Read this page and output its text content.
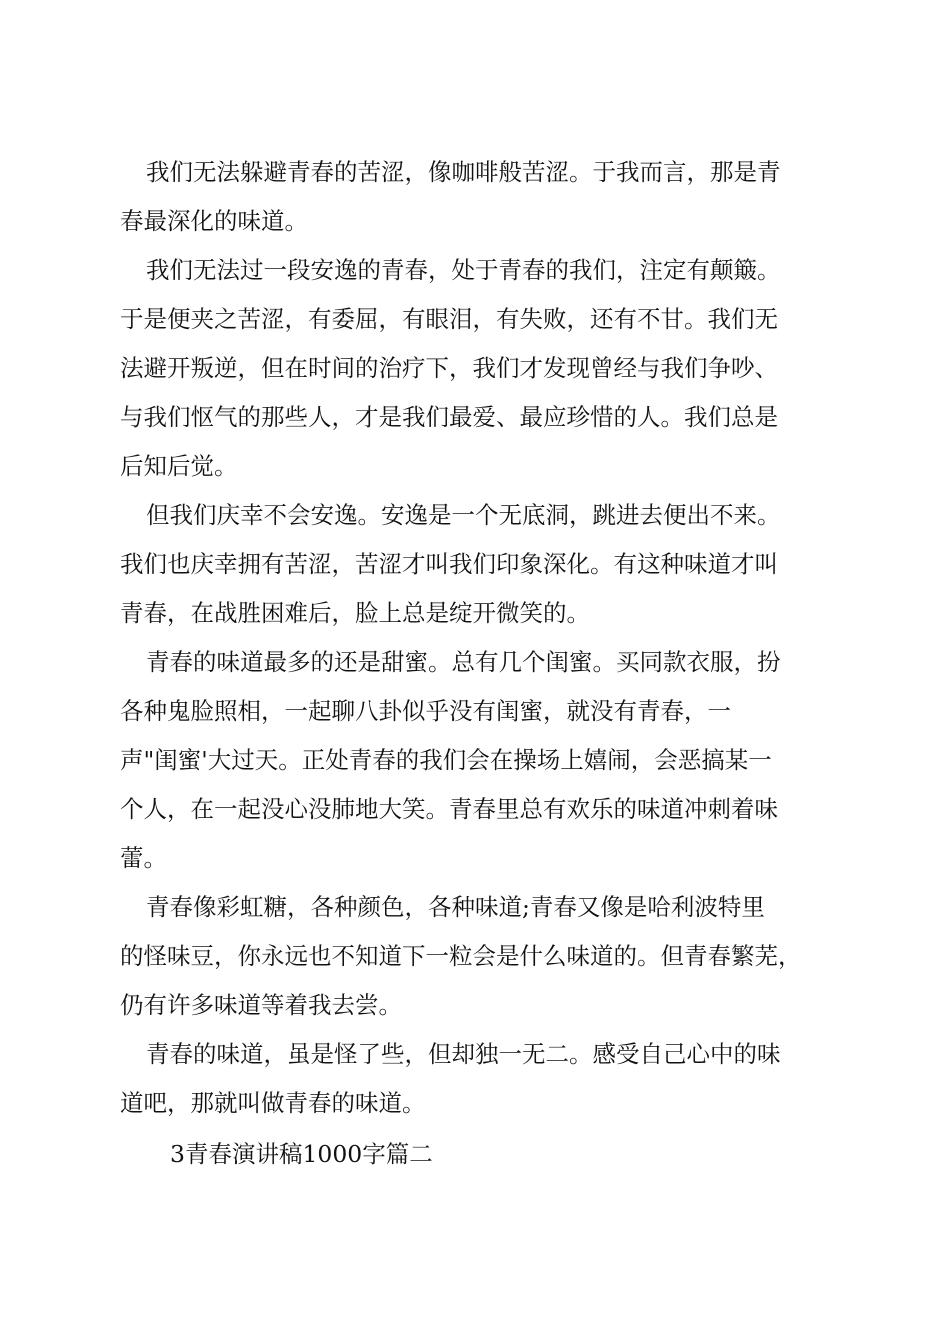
我们无法躲避青春的苦涩，像咖啡般苦涩。于我而言，那是青
春最深化的味道。
我们无法过一段安逸的青春，处于青春的我们，注定有颠簸。
于是便夹之苦涩，有委屈，有眼泪，有失败，还有不甘。我们无
法避开叛逆，但在时间的治疗下，我们才发现曾经与我们争吵、
与我们怄气的那些人，才是我们最爱、最应珍惜的人。我们总是
后知后觉。
但我们庆幸不会安逸。安逸是一个无底洞，跳进去便出不来。
我们也庆幸拥有苦涩，苦涩才叫我们印象深化。有这种味道才叫
青春，在战胜困难后，脸上总是绽开微笑的。
青春的味道最多的还是甜蜜。总有几个闺蜜。买同款衣服，扮
各种鬼脸照相，一起聊八卦似乎没有闺蜜，就没有青春，一
声"闺蜜'大过天。正处青春的我们会在操场上嬉闹，会恶搞某一
个人，在一起没心没肺地大笑。青春里总有欢乐的味道冲刺着味
蕾。
青春像彩虹糖，各种颜色，各种味道;青春又像是哈利波特里
的怪味豆，你永远也不知道下一粒会是什么味道的。但青春繁芜，
仍有许多味道等着我去尝。
青春的味道，虽是怪了些，但却独一无二。感受自己心中的味
道吧，那就叫做青春的味道。
3青春演讲稿1000字篇二
